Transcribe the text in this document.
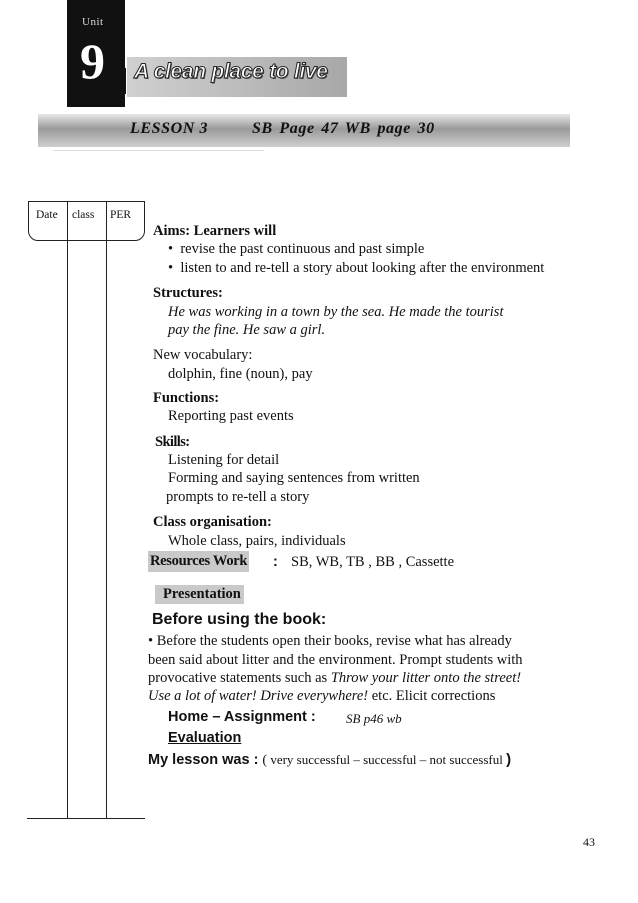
Unit
9 A clean place to live
LESSON 3	SB Page 47 WB page 30
Date class PER
Aims: Learners will
•  revise the past continuous and past simple
•  listen to and re-tell a story about looking after the environment
Structures:
He was working in a town by the sea. He made the tourist
pay the fine. He saw a girl.
New vocabulary:
dolphin, fine (noun), pay
Functions:
Reporting past events
Skills:
Listening for detail
Forming and saying sentences from written
prompts to re-tell a story
Class organisation:
Whole class, pairs, individuals
Resources Work : SB, WB, TB , BB , Cassette
Presentation
Before using the book:
• Before the students open their books, revise what has already
been said about litter and the environment. Prompt students with
provocative statements such as Throw your litter onto the street!
Use a lot of water! Drive everywhere! etc. Elicit corrections
Home – Assignment : SB p46 wb
Evaluation
My lesson was : ( very successful – successful – not successful )
43
